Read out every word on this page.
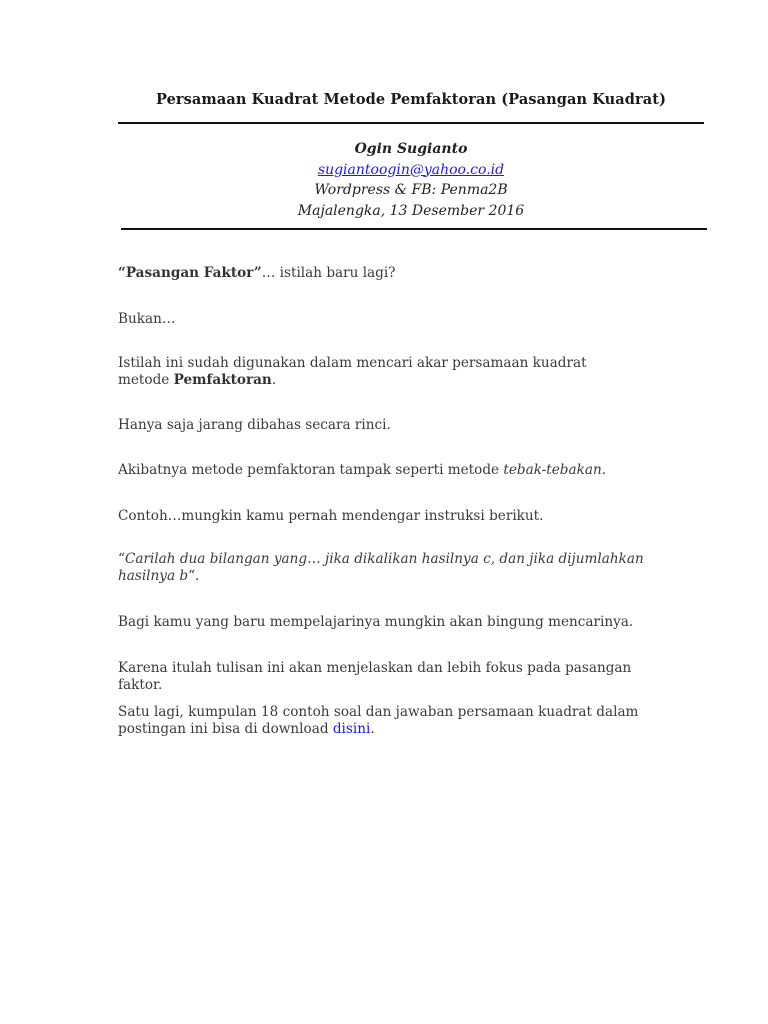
Persamaan Kuadrat Metode Pemfaktoran (Pasangan Kuadrat)
Ogin Sugianto
sugiantoogin@yahoo.co.id
Wordpress & FB: Penma2B
Majalengka, 13 Desember 2016
“Pasangan Faktor”… istilah baru lagi?
Bukan…
Istilah ini sudah digunakan dalam mencari akar persamaan kuadrat
metode Pemfaktoran.
Hanya saja jarang dibahas secara rinci.
Akibatnya metode pemfaktoran tampak seperti metode tebak-tebakan.
Contoh…mungkin kamu pernah mendengar instruksi berikut.
“Carilah dua bilangan yang… jika dikalikan hasilnya c, dan jika dijumlahkan
hasilnya b“.
Bagi kamu yang baru mempelajarinya mungkin akan bingung mencarinya.
Karena itulah tulisan ini akan menjelaskan dan lebih fokus pada pasangan faktor.
Satu lagi, kumpulan 18 contoh soal dan jawaban persamaan kuadrat dalam
postingan ini bisa di download disini.
